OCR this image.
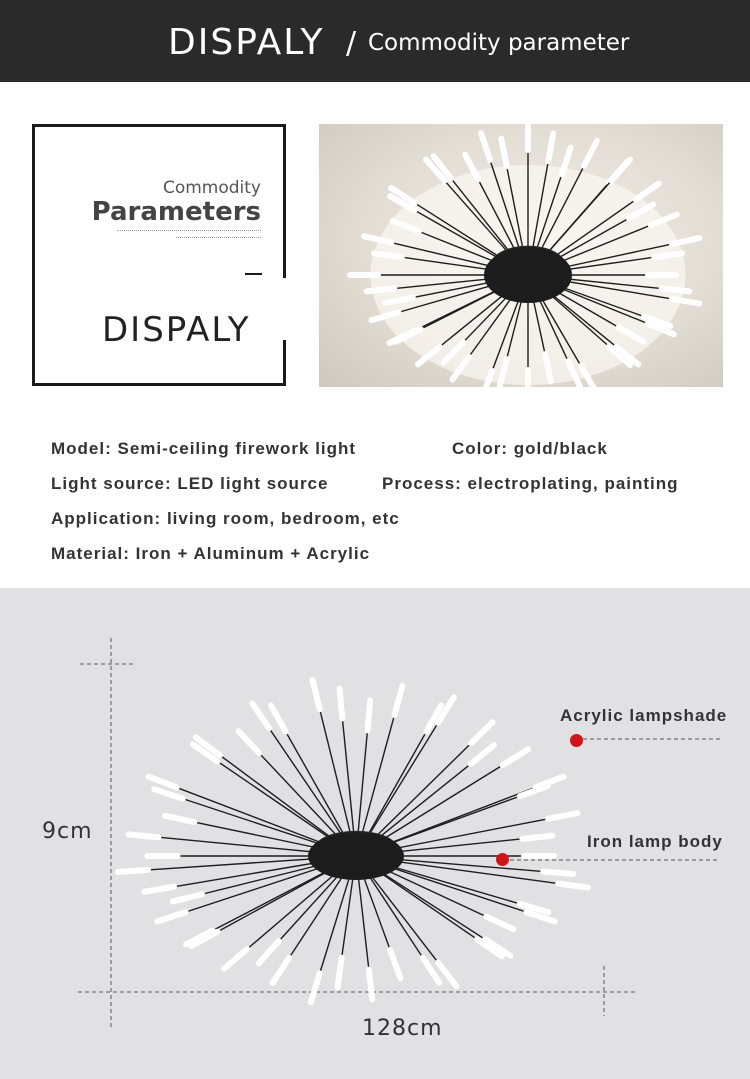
DISPALY / Commodity parameter
Commodity
Parameters
DISPALY
Model: Semi-ceiling firework light	Color: gold/black
Light source: LED light source	Process: electroplating, painting
Application: living room, bedroom, etc
Material: Iron + Aluminum + Acrylic
9cm
128cm
Acrylic lampshade
Iron lamp body
